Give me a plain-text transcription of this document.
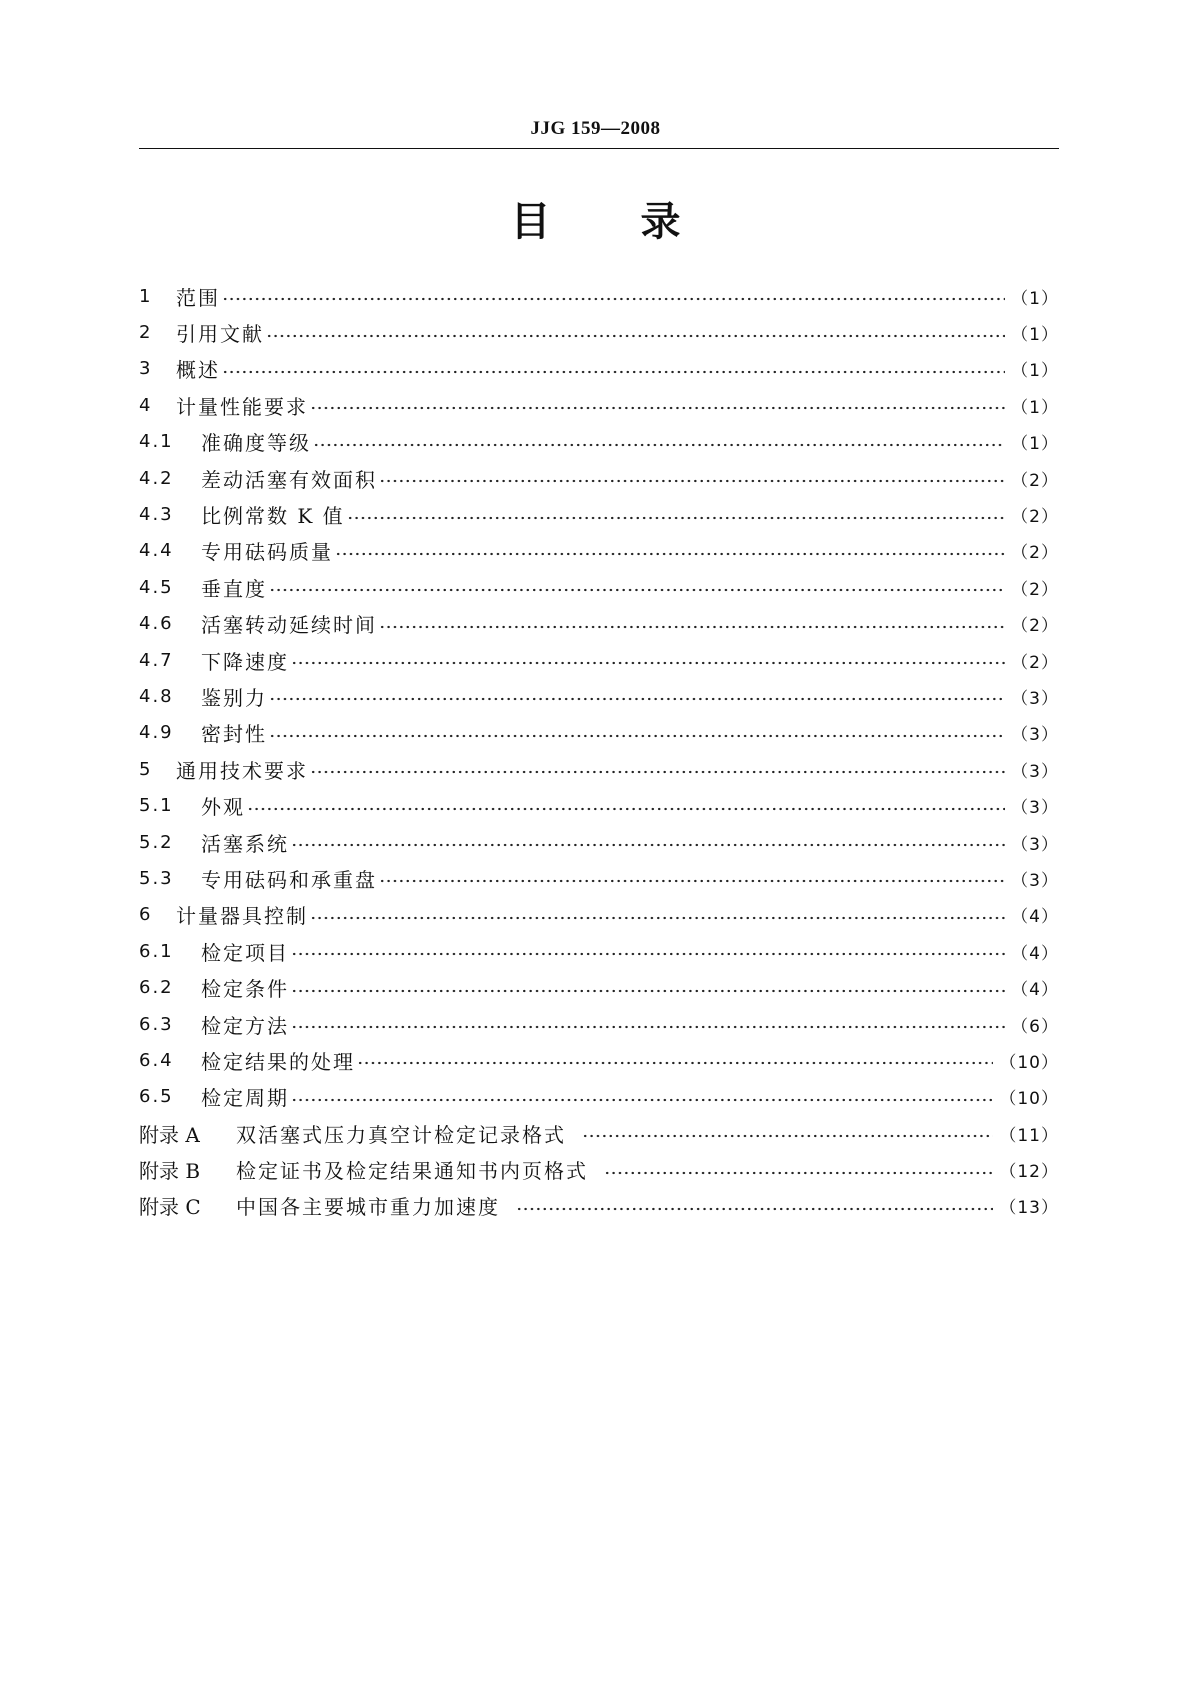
JJG 159—2008
目 录
1	范围	（1）
2	引用文献	（1）
3	概述	（1）
4	计量性能要求	（1）
4.1	准确度等级	（1）
4.2	差动活塞有效面积	（2）
4.3	比例常数 K 值	（2）
4.4	专用砝码质量	（2）
4.5	垂直度	（2）
4.6	活塞转动延续时间	（2）
4.7	下降速度	（2）
4.8	鉴别力	（3）
4.9	密封性	（3）
5	通用技术要求	（3）
5.1	外观	（3）
5.2	活塞系统	（3）
5.3	专用砝码和承重盘	（3）
6	计量器具控制	（4）
6.1	检定项目	（4）
6.2	检定条件	（4）
6.3	检定方法	（6）
6.4	检定结果的处理	（10）
6.5	检定周期	（10）
附录 A	双活塞式压力真空计检定记录格式	（11）
附录 B	检定证书及检定结果通知书内页格式	（12）
附录 C	中国各主要城市重力加速度	（13）
